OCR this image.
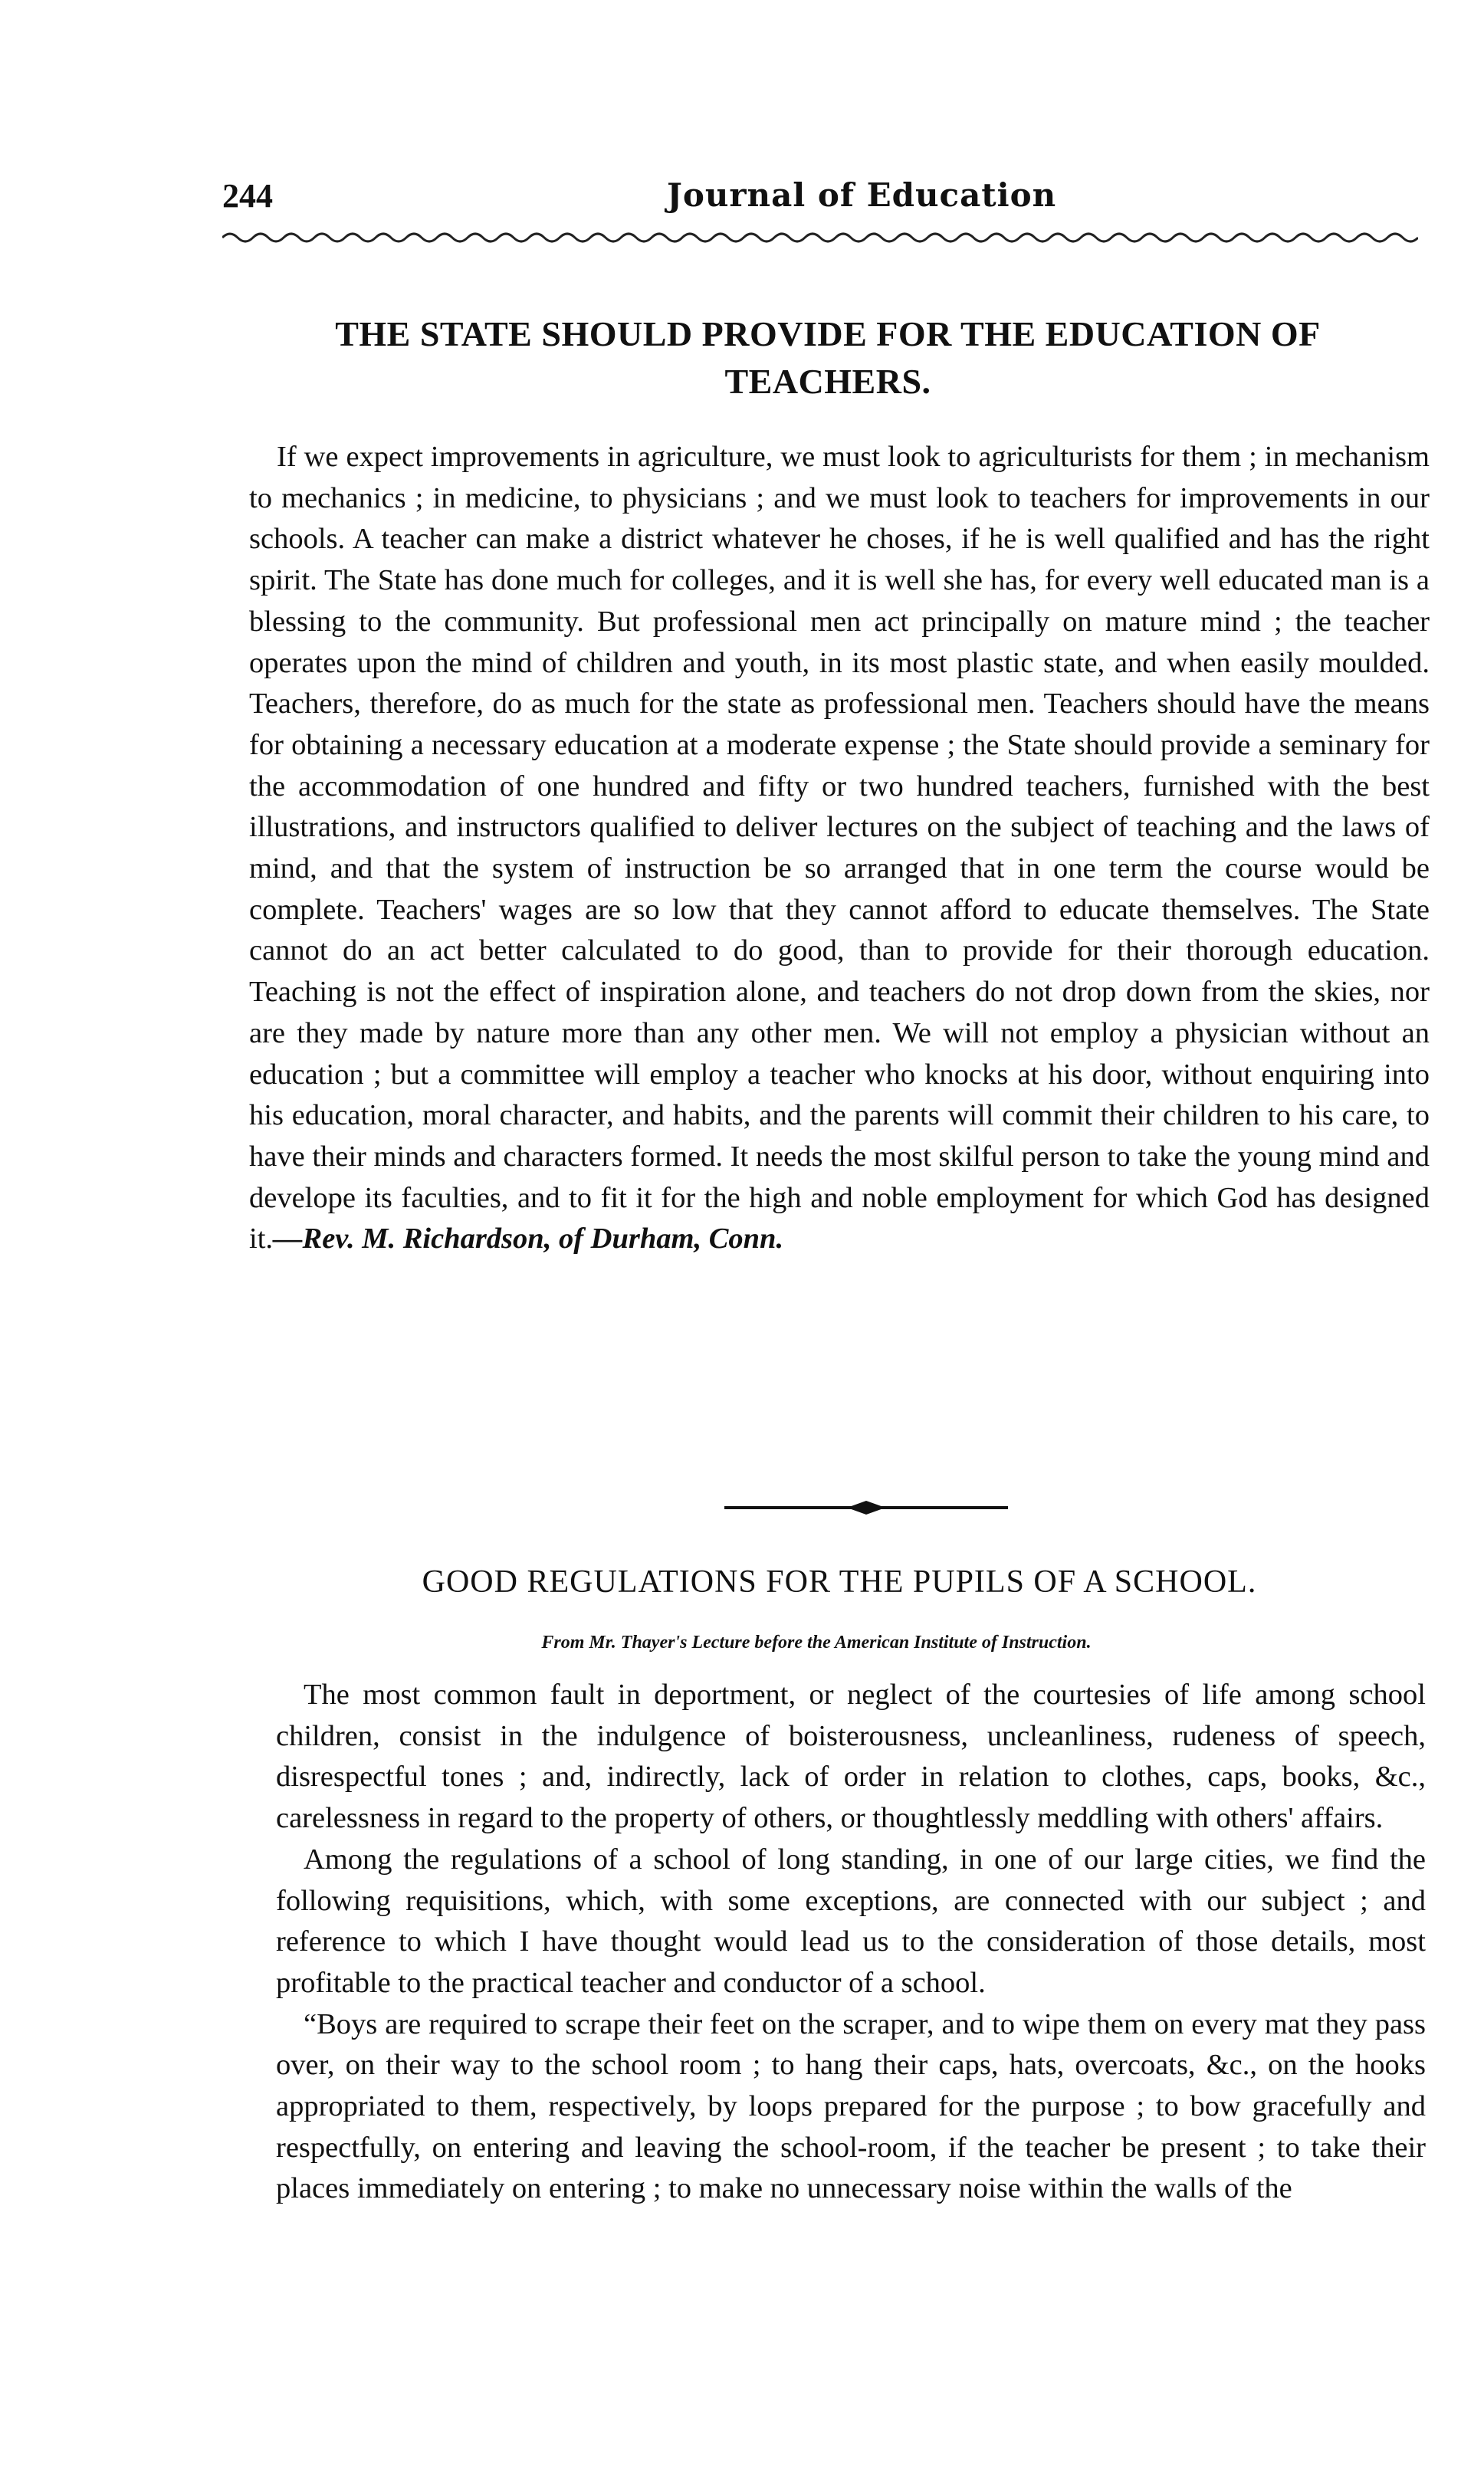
244	Journal of Education
THE STATE SHOULD PROVIDE FOR THE EDUCATION OF TEACHERS.

If we expect improvements in agriculture, we must look to agriculturists for them ; in mechanism to mechanics ; in medicine, to physicians ; and we must look to teachers for improvements in our schools. A teacher can make a district whatever he choses, if he is well qualified and has the right spirit. The State has done much for colleges, and it is well she has, for every well educated man is a blessing to the community. But professional men act principally on mature mind ; the teacher operates upon the mind of children and youth, in its most plastic state, and when easily moulded. Teachers, therefore, do as much for the state as professional men. Teachers should have the means for obtaining a necessary education at a moderate expense ; the State should provide a seminary for the accommodation of one hundred and fifty or two hundred teachers, furnished with the best illustrations, and instructors qualified to deliver lectures on the subject of teaching and the laws of mind, and that the system of instruction be so arranged that in one term the course would be complete. Teachers' wages are so low that they cannot afford to educate themselves. The State cannot do an act better calculated to do good, than to provide for their thorough education. Teaching is not the effect of inspiration alone, and teachers do not drop down from the skies, nor are they made by nature more than any other men. We will not employ a physician without an education ; but a committee will employ a teacher who knocks at his door, without enquiring into his education, moral character, and habits, and the parents will commit their children to his care, to have their minds and characters formed. It needs the most skilful person to take the young mind and develope its faculties, and to fit it for the high and noble employment for which God has designed it.—Rev. M. Richardson, of Durham, Conn.

GOOD REGULATIONS FOR THE PUPILS OF A SCHOOL.
From Mr. Thayer's Lecture before the American Institute of Instruction.

The most common fault in deportment, or neglect of the courtesies of life among school children, consist in the indulgence of boisterousness, uncleanliness, rudeness of speech, disrespectful tones ; and, indirectly, lack of order in relation to clothes, caps, books, &c., carelessness in regard to the property of others, or thoughtlessly meddling with others' affairs.

Among the regulations of a school of long standing, in one of our large cities, we find the following requisitions, which, with some exceptions, are connected with our subject ; and reference to which I have thought would lead us to the consideration of those details, most profitable to the practical teacher and conductor of a school.

“Boys are required to scrape their feet on the scraper, and to wipe them on every mat they pass over, on their way to the school room ; to hang their caps, hats, overcoats, &c., on the hooks appropriated to them, respectively, by loops prepared for the purpose ; to bow gracefully and respectfully, on entering and leaving the school-room, if the teacher be present ; to take their places immediately on entering ; to make no unnecessary noise within the walls of the
